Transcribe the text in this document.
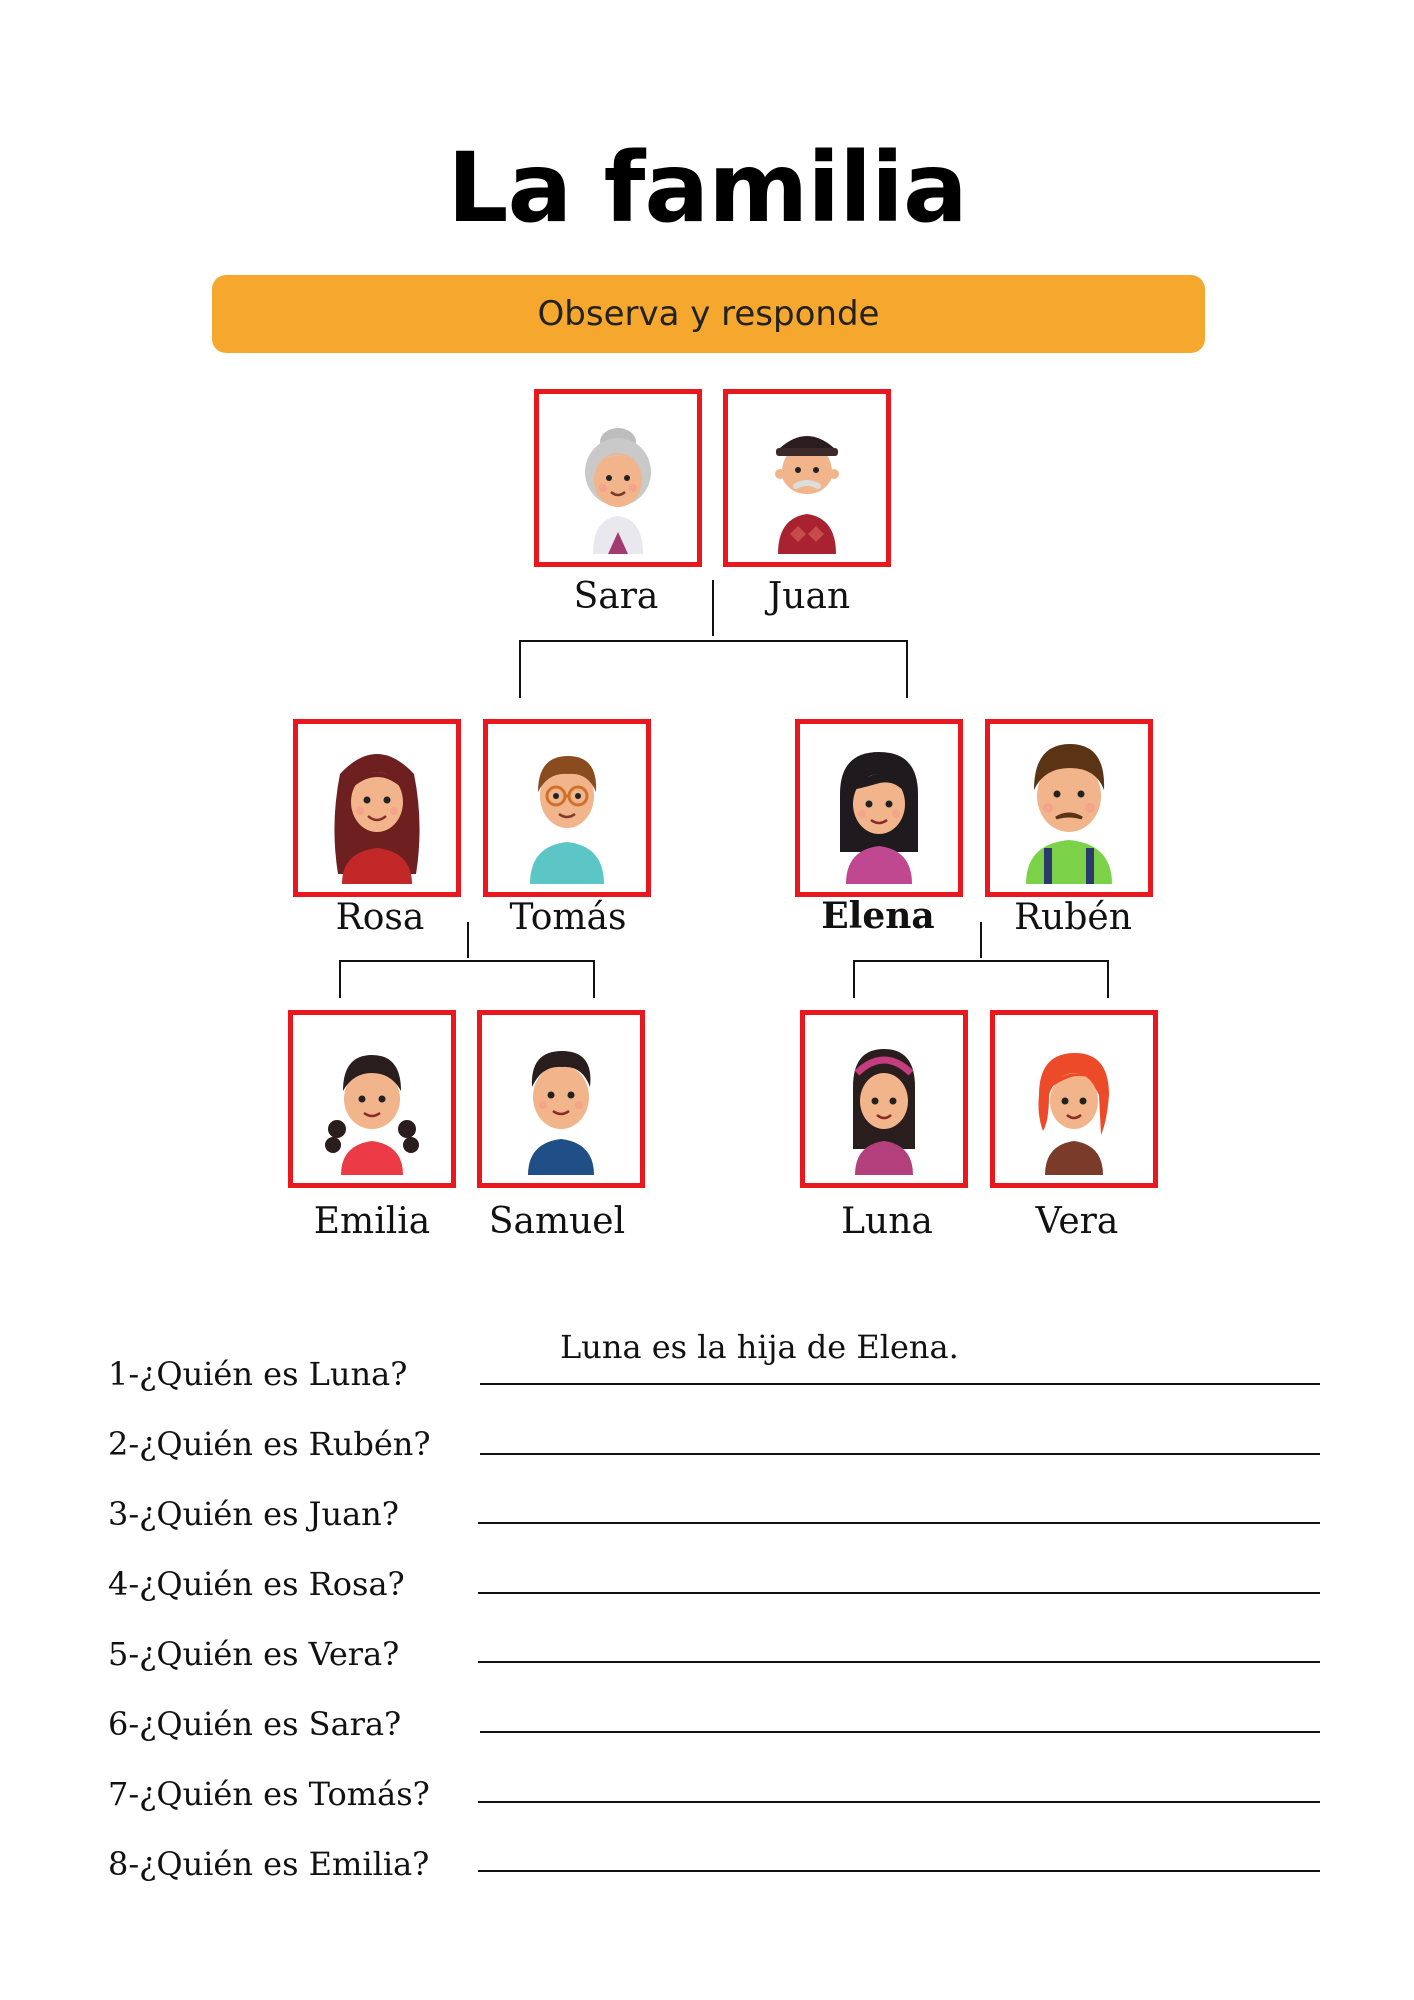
La familia
Observa y responde
Sara	Juan
Rosa	Tomás	Elena	Rubén
Emilia	Samuel	Luna	Vera
Luna es la hija de Elena.
1-¿Quién es Luna?
2-¿Quién es Rubén?
3-¿Quién es Juan?
4-¿Quién es Rosa?
5-¿Quién es Vera?
6-¿Quién es Sara?
7-¿Quién es Tomás?
8-¿Quién es Emilia?
